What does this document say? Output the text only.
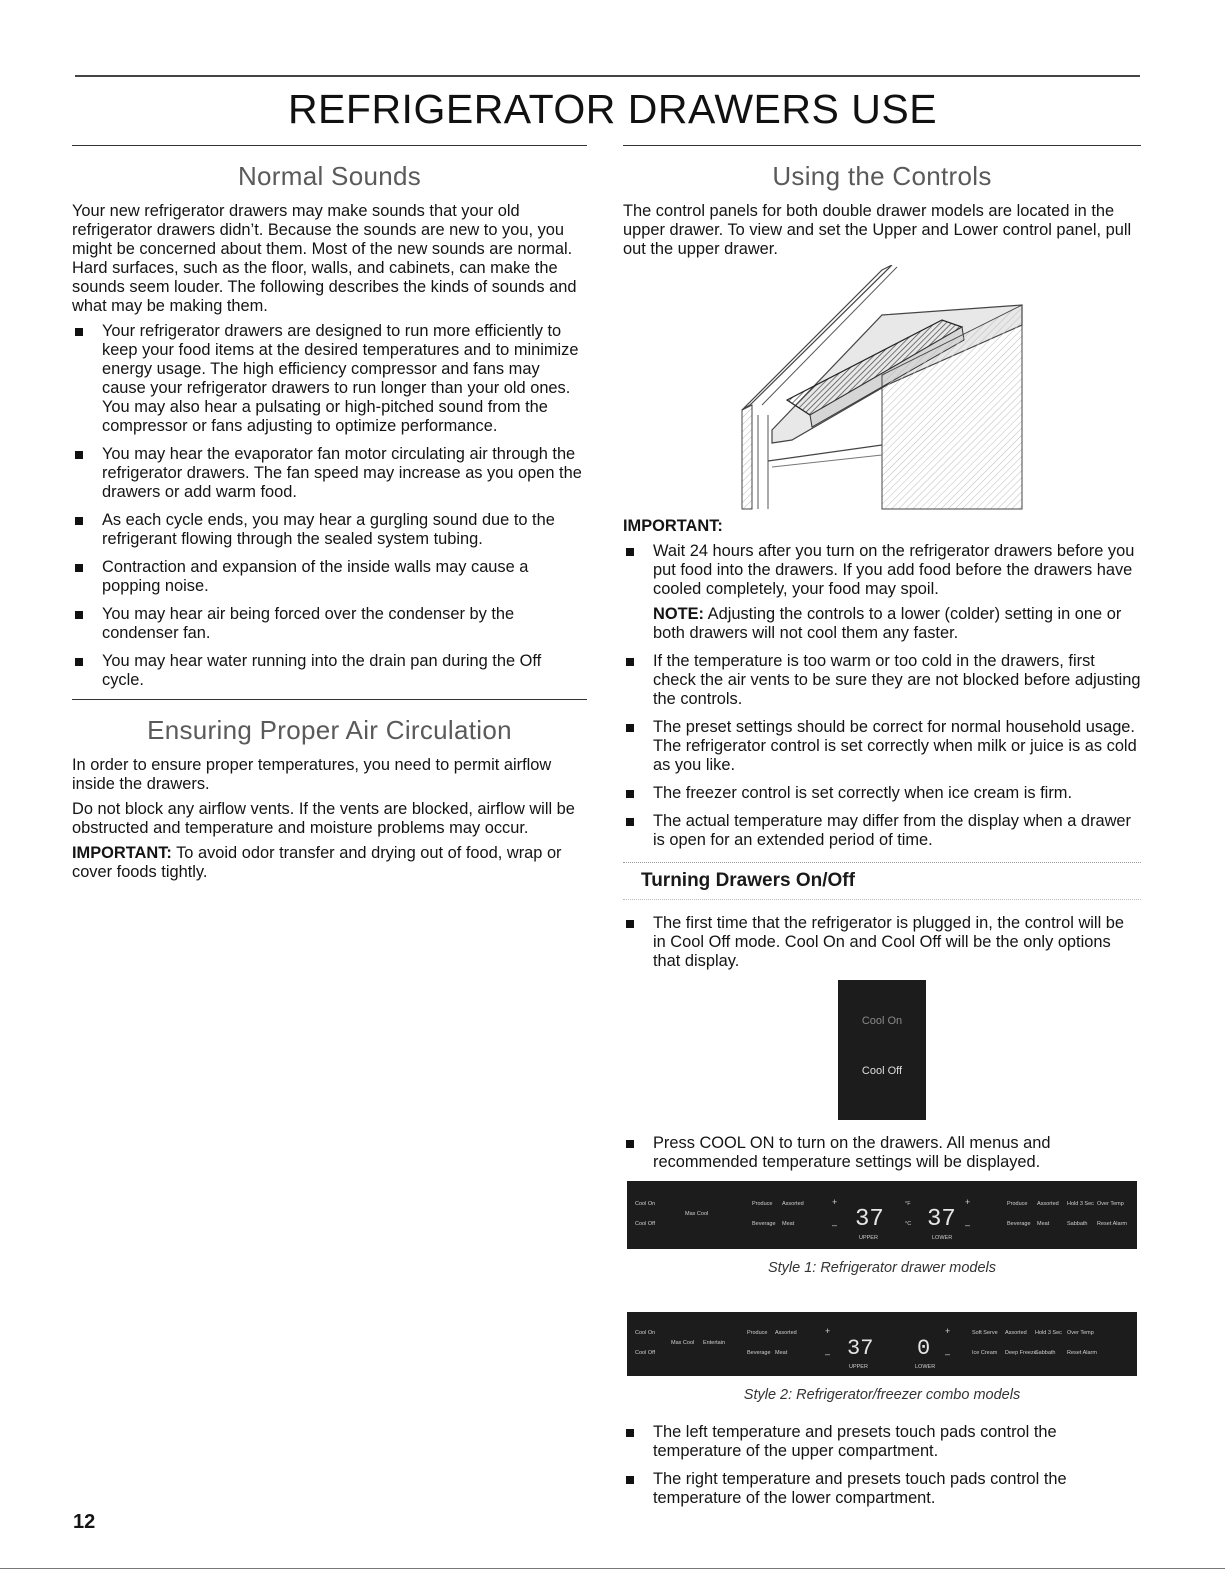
REFRIGERATOR DRAWERS USE
Normal Sounds

Your new refrigerator drawers may make sounds that your old refrigerator drawers didn’t. Because the sounds are new to you, you might be concerned about them. Most of the new sounds are normal. Hard surfaces, such as the floor, walls, and cabinets, can make the sounds seem louder. The following describes the kinds of sounds and what may be making them.

Your refrigerator drawers are designed to run more efficiently to keep your food items at the desired temperatures and to minimize energy usage. The high efficiency compressor and fans may cause your refrigerator drawers to run longer than your old ones. You may also hear a pulsating or high-pitched sound from the compressor or fans adjusting to optimize performance.
You may hear the evaporator fan motor circulating air through the refrigerator drawers. The fan speed may increase as you open the drawers or add warm food.
As each cycle ends, you may hear a gurgling sound due to the refrigerant flowing through the sealed system tubing.
Contraction and expansion of the inside walls may cause a popping noise.
You may hear air being forced over the condenser by the condenser fan.
You may hear water running into the drain pan during the Off cycle.
Ensuring Proper Air Circulation

In order to ensure proper temperatures, you need to permit airflow inside the drawers.

Do not block any airflow vents. If the vents are blocked, airflow will be obstructed and temperature and moisture problems may occur.

IMPORTANT: To avoid odor transfer and drying out of food, wrap or cover foods tightly.

Using the Controls

The control panels for both double drawer models are located in the upper drawer. To view and set the Upper and Lower control panel, pull out the upper drawer.

IMPORTANT:

Wait 24 hours after you turn on the refrigerator drawers before you put food into the drawers. If you add food before the drawers have cooled completely, your food may spoil.

NOTE: Adjusting the controls to a lower (colder) setting in one or both drawers will not cool them any faster.

If the temperature is too warm or too cold in the drawers, first check the air vents to be sure they are not blocked before adjusting the controls.
The preset settings should be correct for normal household usage. The refrigerator control is set correctly when milk or juice is as cold as you like.
The freezer control is set correctly when ice cream is firm.
The actual temperature may differ from the display when a drawer is open for an extended period of time.
Turning Drawers On/Off
The first time that the refrigerator is plugged in, the control will be in Cool Off mode. Cool On and Cool Off will be the only options that display.
Cool On
Cool Off
Press COOL ON to turn on the drawers. All menus and recommended temperature settings will be displayed.
Cool On
Cool Off
Max Cool
Produce Assorted
Beverage Meat
UPPER
°F
°C
LOWER
Produce Assorted Hold 3 Sec Over Temp
Beverage Meat	Sabbath Reset Alarm
37 37
+
–
+
–

Style 1: Refrigerator drawer models

Cool On
Cool Off
Max Cool Entertain
Produce Assorted
Beverage Meat
UPPER	LOWER
Soft Serve Assorted Hold 3 Sec Over Temp
Ice Cream Deep Freeze
Sabbath Reset Alarm
37 0
+
–
+
–

Style 2: Refrigerator/freezer combo models

The left temperature and presets touch pads control the temperature of the upper compartment.
The right temperature and presets touch pads control the temperature of the lower compartment.
12
